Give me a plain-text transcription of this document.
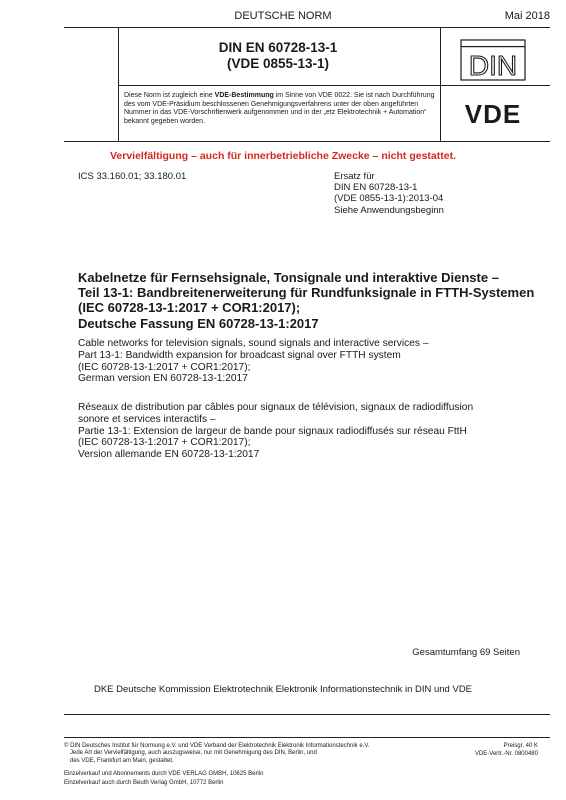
DEUTSCHE NORM	Mai 2018
DIN EN 60728-13-1
(VDE 0855-13-1)	DIN
Diese Norm ist zugleich eine VDE-Bestimmung im Sinne von VDE 0022. Sie ist nach Durchführung des vom VDE-Präsidium beschlossenen Genehmigungsverfahrens unter der oben angeführten Nummer in das VDE-Vorschriftenwerk aufgenommen und in der „etz Elektrotechnik + Automation“ bekannt gegeben worden.	VDE
Vervielfältigung – auch für innerbetriebliche Zwecke – nicht gestattet.
ICS 33.160.01; 33.180.01	Ersatz für
DIN EN 60728-13-1
(VDE 0855-13-1):2013-04
Siehe Anwendungsbeginn
Kabelnetze für Fernsehsignale, Tonsignale und interaktive Dienste –
Teil 13-1: Bandbreitenerweiterung für Rundfunksignale in FTTH-Systemen
(IEC 60728-13-1:2017 + COR1:2017);
Deutsche Fassung EN 60728-13-1:2017
Cable networks for television signals, sound signals and interactive services –
Part 13-1: Bandwidth expansion for broadcast signal over FTTH system
(IEC 60728-13-1:2017 + COR1:2017);
German version EN 60728-13-1:2017
Réseaux de distribution par câbles pour signaux de télévision, signaux de radiodiffusion
sonore et services interactifs –
Partie 13-1: Extension de largeur de bande pour signaux radiodiffusés sur réseau FttH
(IEC 60728-13-1:2017 + COR1:2017);
Version allemande EN 60728-13-1:2017
Gesamtumfang 69 Seiten
DKE Deutsche Kommission Elektrotechnik Elektronik Informationstechnik in DIN und VDE
© DIN Deutsches Institut für Normung e.V. und VDE Verband der Elektrotechnik Elektronik Informationstechnik e.V.
Jede Art der Vervielfältigung, auch auszugsweise, nur mit Genehmigung des DIN, Berlin, und
des VDE, Frankfurt am Main, gestattet.
Preisgr. 40 K
VDE-Vertr.-Nr. 0800480
Einzelverkauf und Abonnements durch VDE VERLAG GMBH, 10625 Berlin
Einzelverkauf auch durch Beuth Verlag GmbH, 10772 Berlin
